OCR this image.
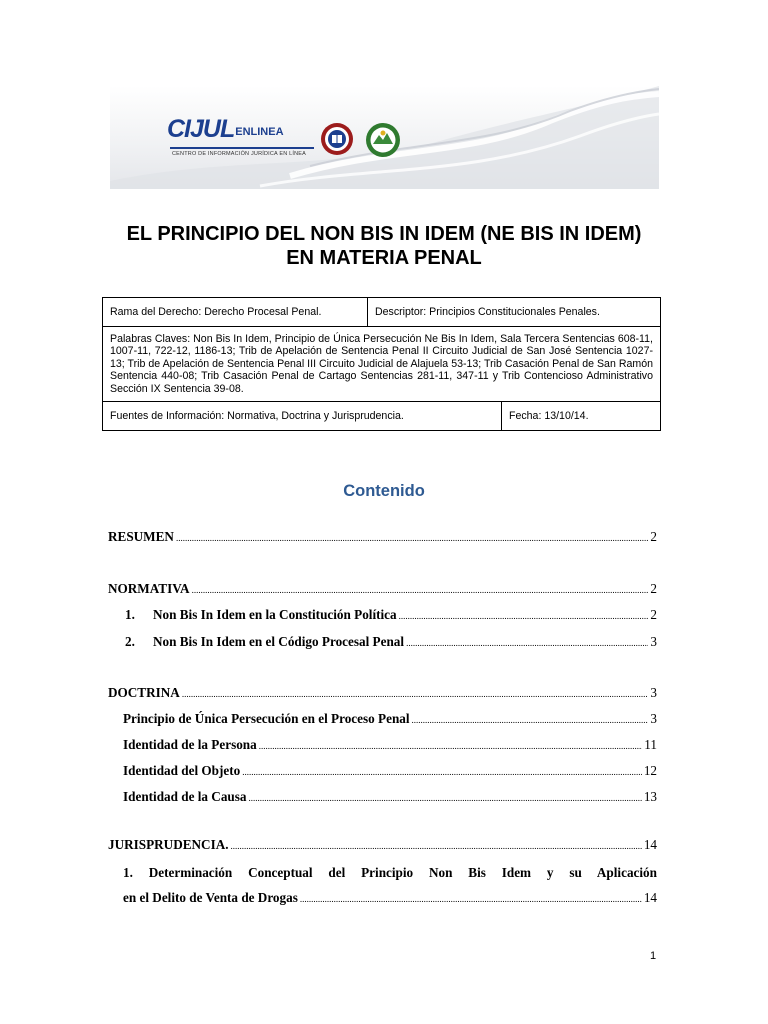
CIJULENLINEA
CENTRO DE INFORMACIÓN JURÍDICA EN LÍNEA
EL PRINCIPIO DEL NON BIS IN IDEM (NE BIS IN IDEM)
EN MATERIA PENAL
Rama del Derecho: Derecho Procesal Penal.	Descriptor: Principios Constitucionales Penales.
Palabras Claves: Non Bis In Idem, Principio de Única Persecución Ne Bis In Idem, Sala Tercera Sentencias 608-11, 1007-11, 722-12, 1186-13; Trib de Apelación de Sentencia Penal II Circuito Judicial de San José Sentencia 1027-13; Trib de Apelación de Sentencia Penal III Circuito Judicial de Alajuela 53-13; Trib Casación Penal de San Ramón Sentencia 440-08; Trib Casación Penal de Cartago Sentencias 281-11, 347-11 y Trib Contencioso Administrativo Sección IX Sentencia 39-08.

Fuentes de Información: Normativa, Doctrina y Jurisprudencia.	Fecha: 13/10/14.
Contenido
RESUMEN .....	2
NORMATIVA .....	2
1. Non Bis In Idem en la Constitución Política .....	2
2. Non Bis In Idem en el Código Procesal Penal .....	3
DOCTRINA .....	3
Principio de Única Persecución en el Proceso Penal .....	3
Identidad de la Persona .....	11
Identidad del Objeto .....	12
Identidad de la Causa .....	13
JURISPRUDENCIA. .....	14
1. Determinación Conceptual del Principio Non Bis Idem y su Aplicación
en el Delito de Venta de Drogas .....	14
1
